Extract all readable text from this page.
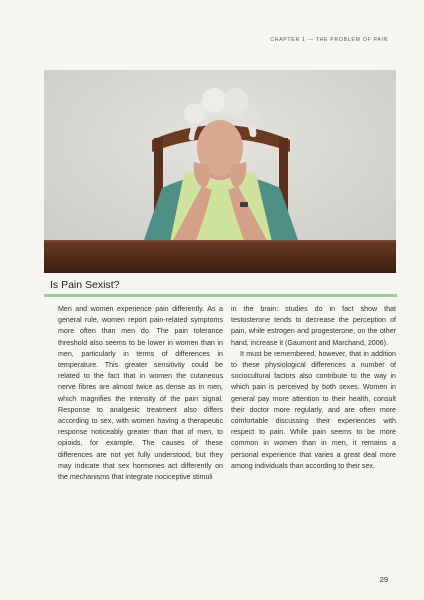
CHAPTER 1 — THE PROBLEM OF PAIN
Is Pain Sexist?

Men and women experience pain differently. As a general rule, women report pain-related symptoms more often than men do. The pain tolerance threshold also seems to be lower in women than in men, particularly in terms of differences in temperature. This greater sensitivity could be related to the fact that in women the cutaneous nerve fibres are almost twice as dense as in men, which magnifies the intensity of the pain signal. Response to analgesic treatment also differs according to sex, with women having a therapeutic response noticeably greater than that of men, to opioids, for example. The causes of these differences are not yet fully understood, but they may indicate that sex hormones act differently on the mechanisms that integrate nociceptive stimuli

in the brain: studies do in fact show that testosterone tends to decrease the perception of pain, while estrogen and progesterone, on the other hand, increase it (Gaumont and Marchand, 2006).

It must be remembered, however, that in addition to these physiological differences a number of sociocultural factors also contribute to the way in which pain is perceived by both sexes. Women in general pay more attention to their health, consult their doctor more regularly, and are often more comfortable discussing their experiences with respect to pain. While pain seems to be more common in women than in men, it remains a personal experience that varies a great deal more among individuals than according to their sex.

29
